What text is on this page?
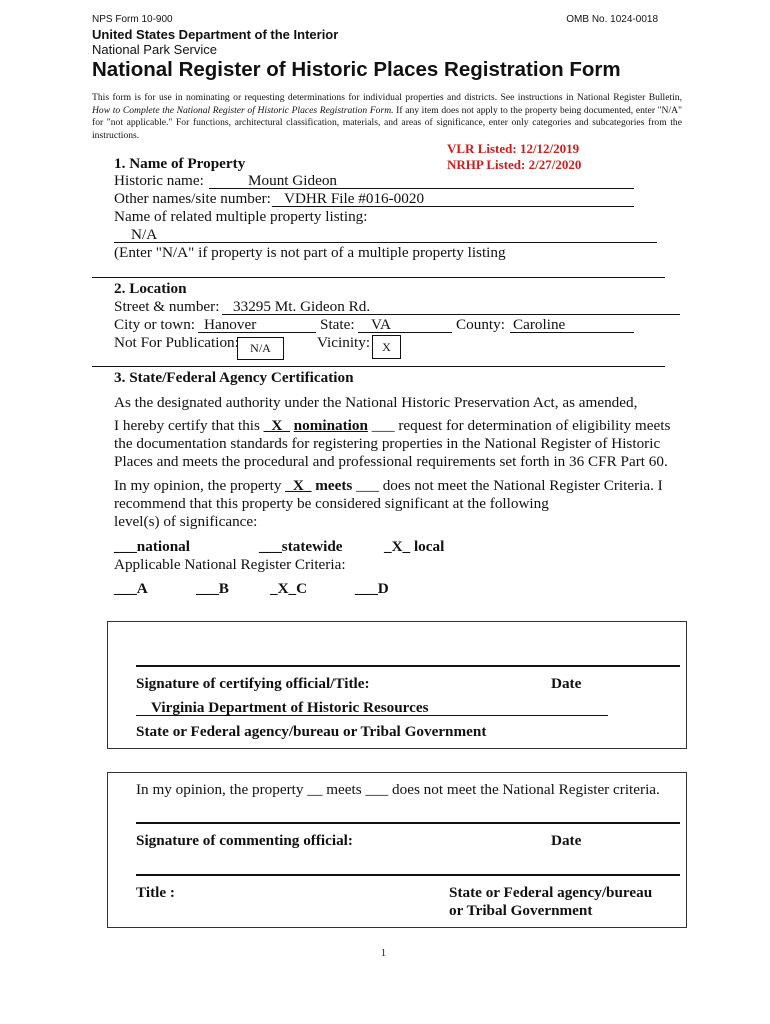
NPS Form 10-900	OMB No. 1024-0018
United States Department of the Interior
National Park Service
National Register of Historic Places Registration Form
This form is for use in nominating or requesting determinations for individual properties and districts. See instructions in National Register Bulletin, How to Complete the National Register of Historic Places Registration Form. If any item does not apply to the property being documented, enter "N/A" for "not applicable." For functions, architectural classification, materials, and areas of significance, enter only categories and subcategories from the instructions.
VLR Listed: 12/12/2019
NRHP Listed: 2/27/2020
1. Name of Property
Historic name:	Mount Gideon
Other names/site number: VDHR File #016-0020
Name of related multiple property listing:
N/A
(Enter "N/A" if property is not part of a multiple property listing
2. Location
Street & number: 33295 Mt. Gideon Rd.
City or town: Hanover	State: VA	County: Caroline
Not For Publication: N/A	Vicinity:	X
3. State/Federal Agency Certification
As the designated authority under the National Historic Preservation Act, as amended,
I hereby certify that this _X_ nomination ___ request for determination of eligibility meets
the documentation standards for registering properties in the National Register of Historic
Places and meets the procedural and professional requirements set forth in 36 CFR Part 60.
In my opinion, the property _X_ meets ___ does not meet the National Register Criteria. I
recommend that this property be considered significant at the following
level(s) of significance:
___national	___statewide	_X_ local
Applicable National Register Criteria:
___A	___B	_X_C	___D
Signature of certifying official/Title:	Date
Virginia Department of Historic Resources
State or Federal agency/bureau or Tribal Government
In my opinion, the property __ meets ___ does not meet the National Register criteria.
Signature of commenting official:	Date
Title :	State or Federal agency/bureau
or Tribal Government
1
